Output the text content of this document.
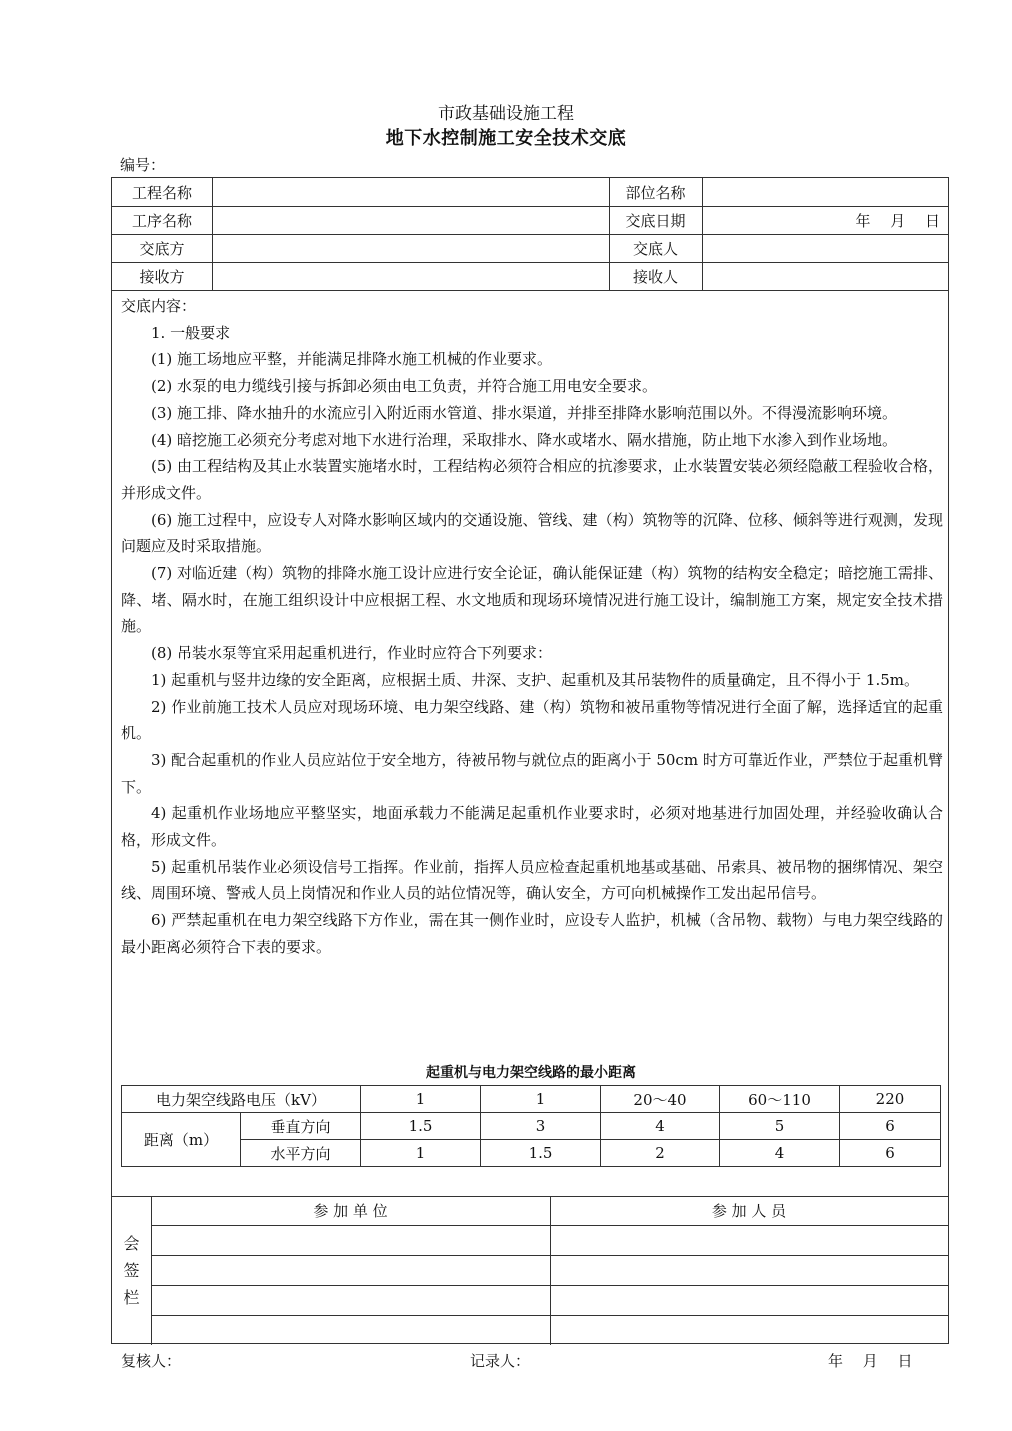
市政基础设施工程
地下水控制施工安全技术交底
编号：
工程名称	部位名称
工序名称	交底日期	年　 月　 日
交底方	交底人
接收方	接收人

交底内容：

1. 一般要求

(1) 施工场地应平整，并能满足排降水施工机械的作业要求。

(2) 水泵的电力缆线引接与拆卸必须由电工负责，并符合施工用电安全要求。

(3) 施工排、降水抽升的水流应引入附近雨水管道、排水渠道，并排至排降水影响范围以外。不得漫流影响环境。

(4) 暗挖施工必须充分考虑对地下水进行治理，采取排水、降水或堵水、隔水措施，防止地下水渗入到作业场地。

(5) 由工程结构及其止水装置实施堵水时，工程结构必须符合相应的抗渗要求，止水装置安装必须经隐蔽工程验收合格，并形成文件。

(6) 施工过程中，应设专人对降水影响区域内的交通设施、管线、建（构）筑物等的沉降、位移、倾斜等进行观测，发现问题应及时采取措施。

(7) 对临近建（构）筑物的排降水施工设计应进行安全论证，确认能保证建（构）筑物的结构安全稳定；暗挖施工需排、降、堵、隔水时，在施工组织设计中应根据工程、水文地质和现场环境情况进行施工设计，编制施工方案，规定安全技术措施。

(8) 吊装水泵等宜采用起重机进行，作业时应符合下列要求：

1) 起重机与竖井边缘的安全距离，应根据土质、井深、支护、起重机及其吊装物件的质量确定，且不得小于 1.5m。

2) 作业前施工技术人员应对现场环境、电力架空线路、建（构）筑物和被吊重物等情况进行全面了解，选择适宜的起重机。

3) 配合起重机的作业人员应站位于安全地方，待被吊物与就位点的距离小于 50cm 时方可靠近作业，严禁位于起重机臂下。

4) 起重机作业场地应平整坚实，地面承载力不能满足起重机作业要求时，必须对地基进行加固处理，并经验收确认合格，形成文件。

5) 起重机吊装作业必须设信号工指挥。作业前，指挥人员应检查起重机地基或基础、吊索具、被吊物的捆绑情况、架空线、周围环境、警戒人员上岗情况和作业人员的站位情况等，确认安全，方可向机械操作工发出起吊信号。

6) 严禁起重机在电力架空线路下方作业，需在其一侧作业时，应设专人监护，机械（含吊物、载物）与电力架空线路的最小距离必须符合下表的要求。

起重机与电力架空线路的最小距离
电力架空线路电压（kV）		1	1	20～40	60～110	220
距离（m）	垂直方向	1.5	3	4	5	6
	水平方向	1	1.5	2	4	6
会
签
栏
参 加 单 位	参 加 人 员
复核人：	记录人：	年　 月　 日
